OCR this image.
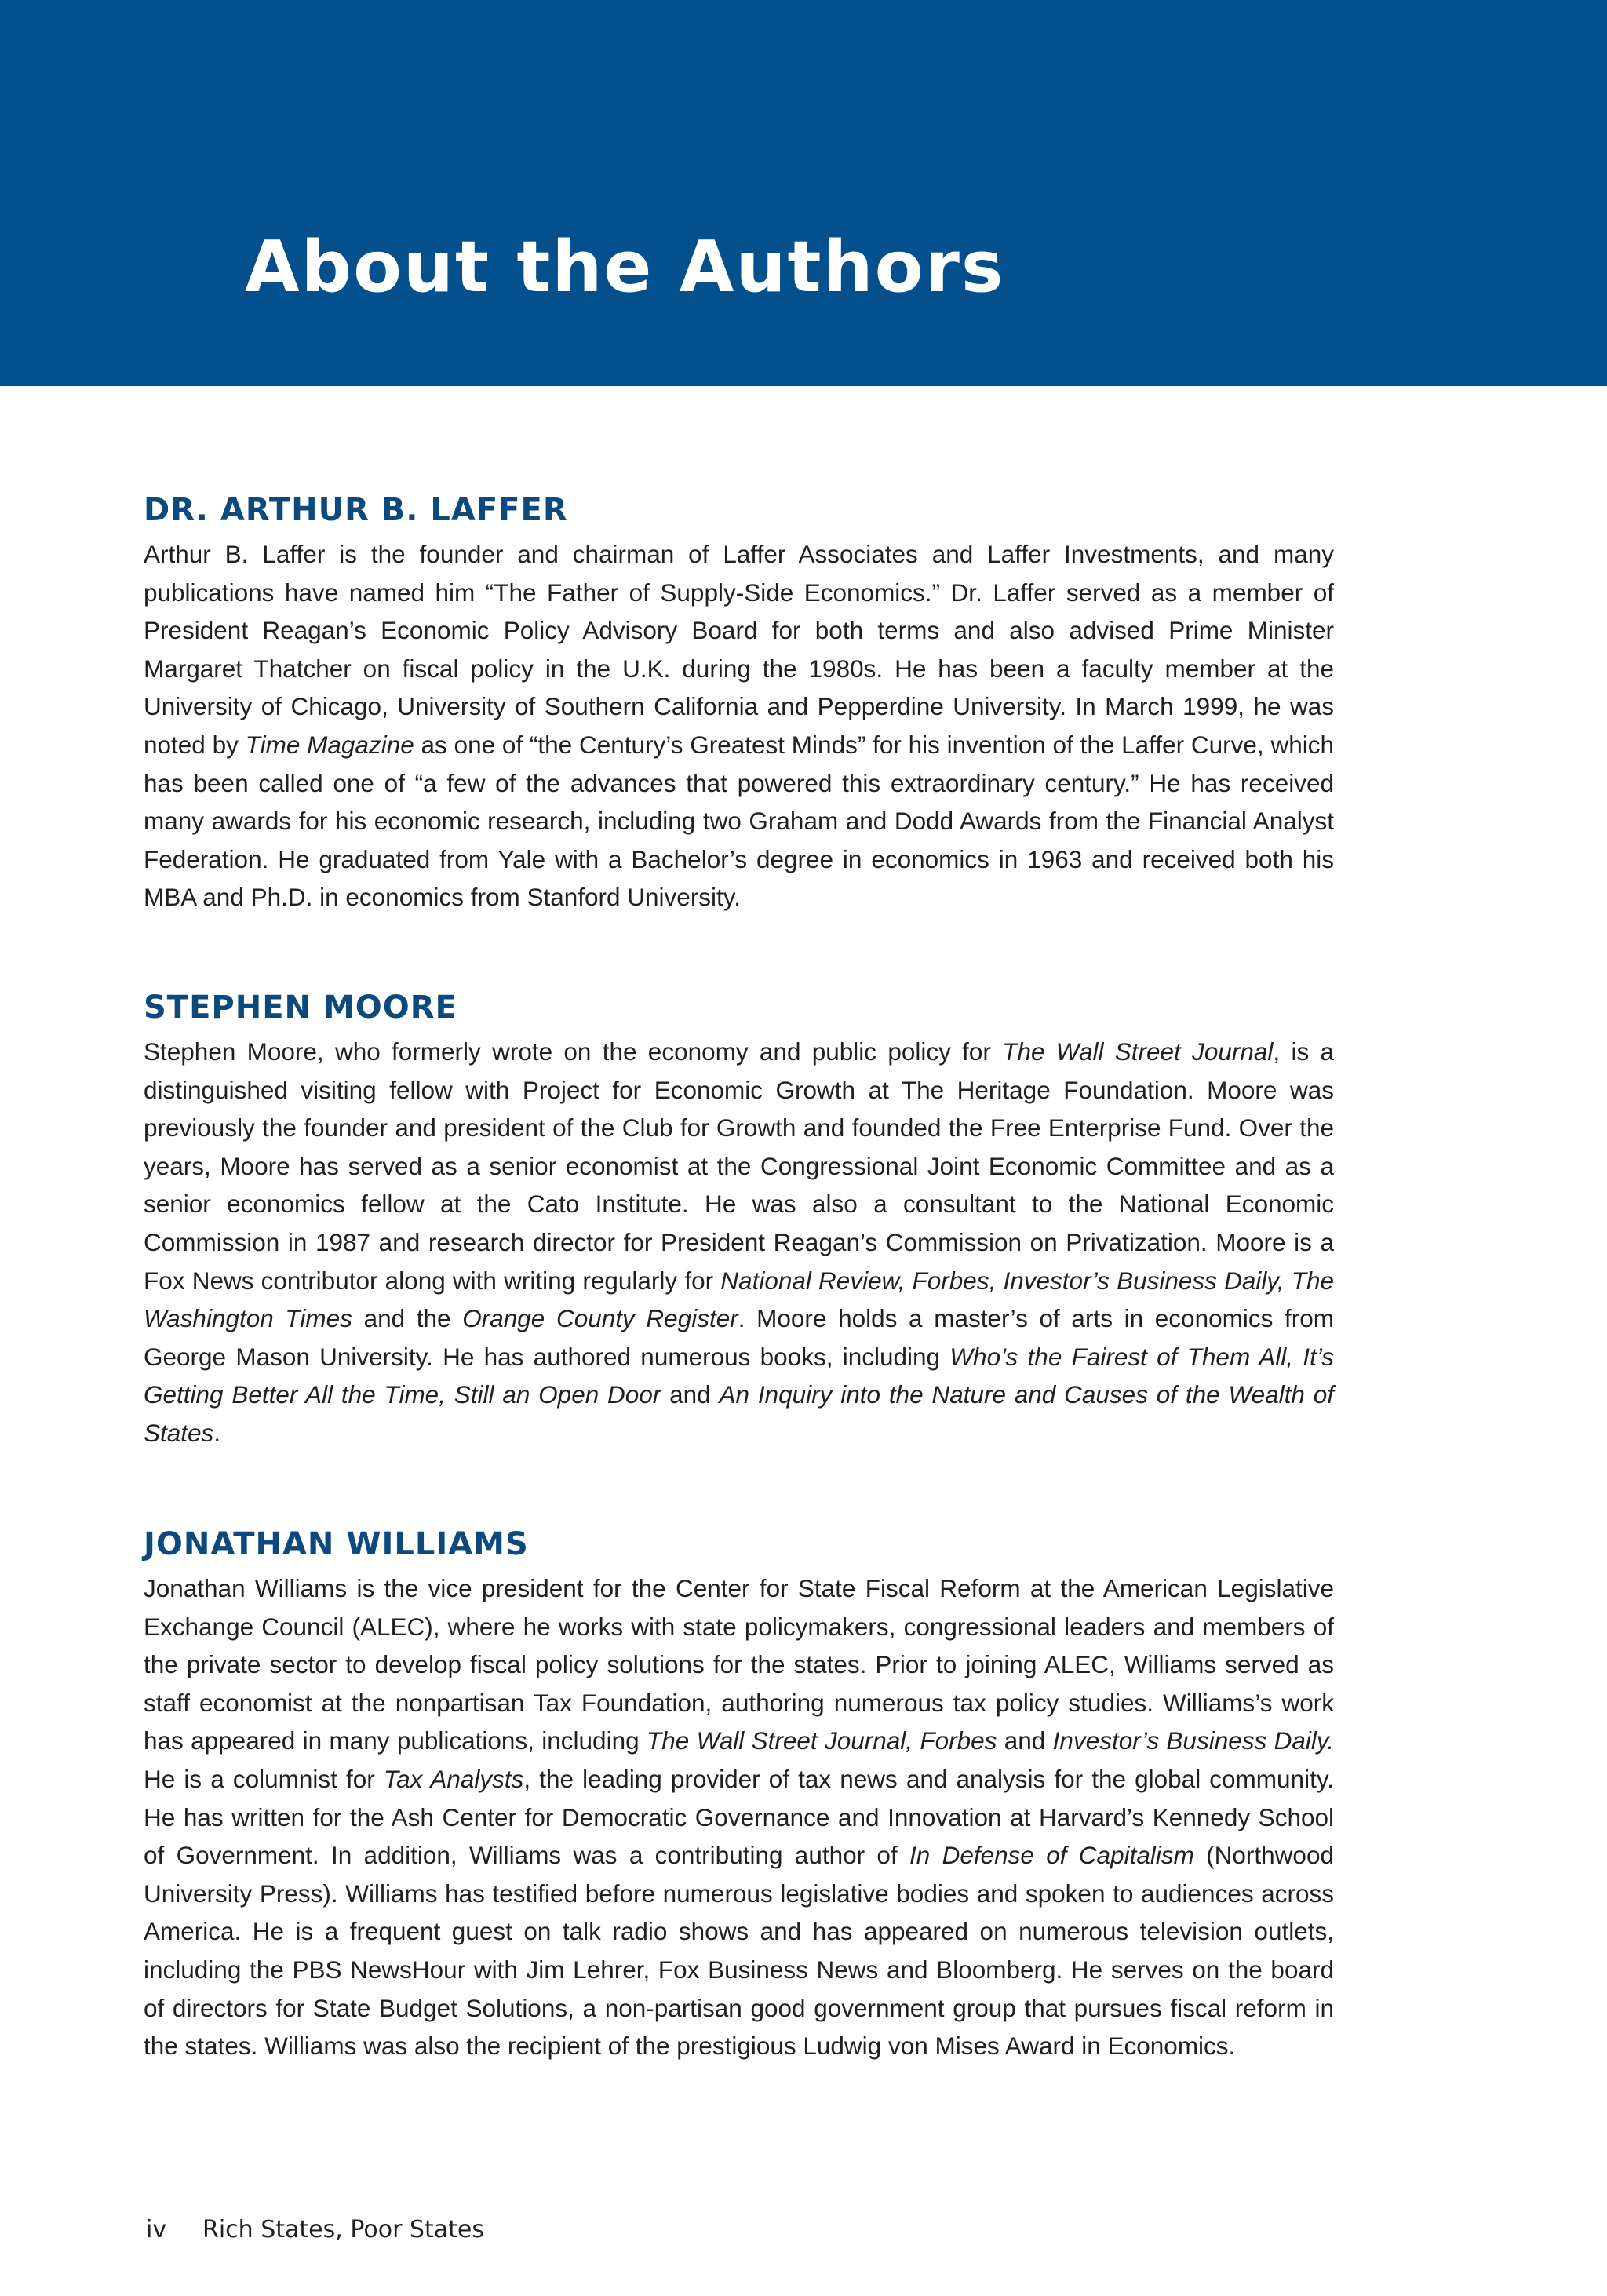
About the Authors
DR. ARTHUR B. LAFFER

Arthur B. Laffer is the founder and chairman of Laffer Associates and Laffer Investments, and many publications have named him “The Father of Supply-Side Economics.” Dr. Laffer served as a member of President Reagan’s Economic Policy Advisory Board for both terms and also advised Prime Minister Margaret Thatcher on fiscal policy in the U.K. during the 1980s. He has been a faculty member at the University of Chicago, University of Southern California and Pepperdine University. In March 1999, he was noted by Time Magazine as one of “the Century’s Greatest Minds” for his invention of the Laffer Curve, which has been called one of “a few of the advances that powered this extraordinary century.” He has received many awards for his economic research, including two Graham and Dodd Awards from the Financial Analyst Federation. He graduated from Yale with a Bachelor’s degree in economics in 1963 and received both his MBA and Ph.D. in economics from Stanford University.

STEPHEN MOORE

Stephen Moore, who formerly wrote on the economy and public policy for The Wall Street Journal, is a distinguished visiting fellow with Project for Economic Growth at The Heritage Foundation. Moore was previously the founder and president of the Club for Growth and founded the Free Enterprise Fund. Over the years, Moore has served as a senior economist at the Congressional Joint Economic Committee and as a senior economics fellow at the Cato Institute. He was also a consultant to the National Economic Commission in 1987 and research director for President Reagan’s Commission on Privatization. Moore is a Fox News contributor along with writing regularly for National Review, Forbes, Investor’s Business Daily, The Washington Times and the Orange County Register. Moore holds a master’s of arts in economics from George Mason University. He has authored numerous books, including Who’s the Fairest of Them All, It’s Getting Better All the Time, Still an Open Door and An Inquiry into the Nature and Causes of the Wealth of States.

JONATHAN WILLIAMS

Jonathan Williams is the vice president for the Center for State Fiscal Reform at the American Legislative Exchange Council (ALEC), where he works with state policymakers, congressional leaders and members of the private sector to develop fiscal policy solutions for the states. Prior to joining ALEC, Williams served as staff economist at the nonpartisan Tax Foundation, authoring numerous tax policy studies. Williams’s work has appeared in many publications, including The Wall Street Journal, Forbes and Investor’s Business Daily. He is a columnist for Tax Analysts, the leading provider of tax news and analysis for the global community. He has written for the Ash Center for Democratic Governance and Innovation at Harvard’s Kennedy School of Government. In addition, Williams was a contributing author of In Defense of Capitalism (Northwood University Press). Williams has testified before numerous legislative bodies and spoken to audiences across America. He is a frequent guest on talk radio shows and has appeared on numerous television outlets, including the PBS NewsHour with Jim Lehrer, Fox Business News and Bloomberg. He serves on the board of directors for State Budget Solutions, a non-partisan good government group that pursues fiscal reform in the states. Williams was also the recipient of the prestigious Ludwig von Mises Award in Economics.

iv Rich States, Poor States
